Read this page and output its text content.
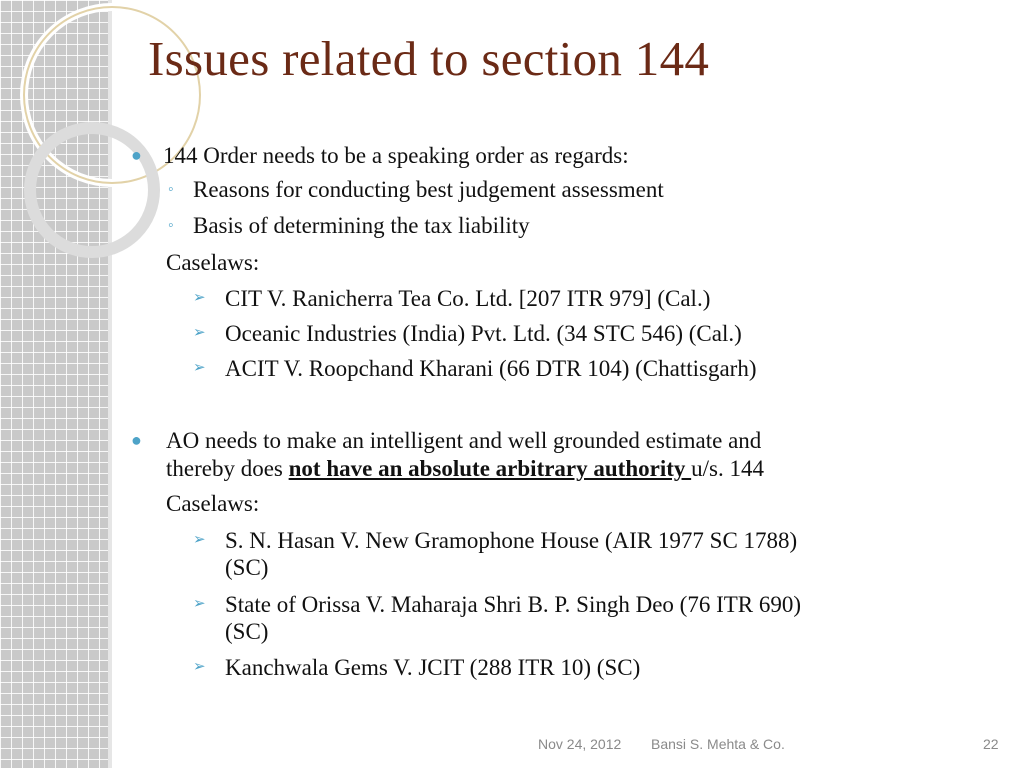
Issues related to section 144
● 144 Order needs to be a speaking order as regards:
◦ Reasons for conducting best judgement assessment
◦ Basis of determining the tax liability
Caselaws:
➢ CIT V. Ranicherra Tea Co. Ltd. [207 ITR 979] (Cal.)
➢ Oceanic Industries (India) Pvt. Ltd. (34 STC 546) (Cal.)
➢ ACIT V. Roopchand Kharani (66 DTR 104) (Chattisgarh)
● AO needs to make an intelligent and well grounded estimate and
thereby does not have an absolute arbitrary authority u/s. 144
Caselaws:
➢ S. N. Hasan V. New Gramophone House (AIR 1977 SC 1788)
(SC)
➢ State of Orissa V. Maharaja Shri B. P. Singh Deo (76 ITR 690)
(SC)
➢ Kanchwala Gems V. JCIT (288 ITR 10) (SC)
Nov 24, 2012 Bansi S. Mehta & Co.	22
